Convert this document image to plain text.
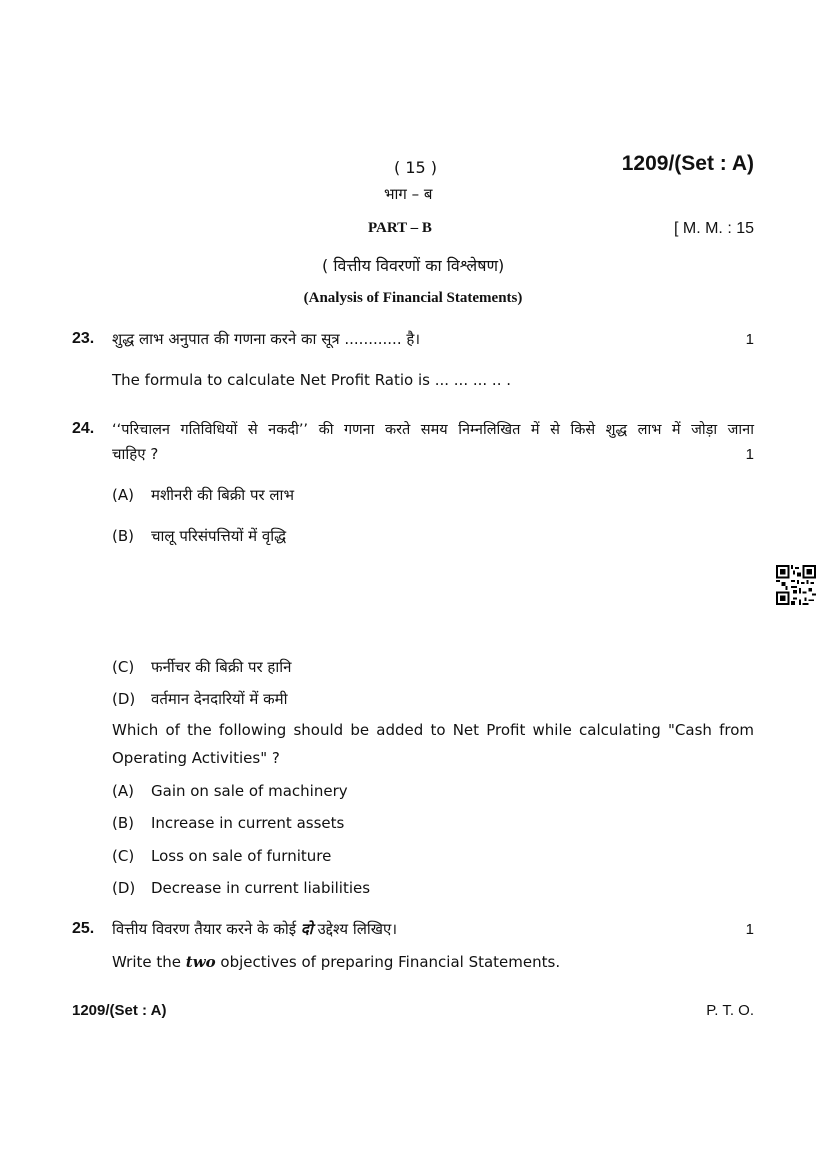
( 15 )	1209/(Set : A)
भाग – ब
PART – B	[ M. M. : 15
( वित्तीय विवरणों का विश्लेषण)
(Analysis of Financial Statements)
23. शुद्ध लाभ अनुपात की गणना करने का सूत्र ............ है।	1
The formula to calculate Net Profit Ratio is ... ... ... .. .
24. ‘‘परिचालन गतिविधियों से नकदी’’ की गणना करते समय निम्नलिखित में से किसे शुद्ध लाभ में जोड़ा जाना
चाहिए ?	1
(A) मशीनरी की बिक्री पर लाभ
(B) चालू परिसंपत्तियों में वृद्धि
(C) फर्नीचर की बिक्री पर हानि
(D) वर्तमान देनदारियों में कमी
Which of the following should be added to Net Profit while calculating "Cash from Operating Activities" ?
(A) Gain on sale of machinery
(B) Increase in current assets
(C) Loss on sale of furniture
(D) Decrease in current liabilities
25. वित्तीय विवरण तैयार करने के कोई दो उद्देश्य लिखिए।	1
Write the two objectives of preparing Financial Statements.
1209/(Set : A)	P. T. O.
